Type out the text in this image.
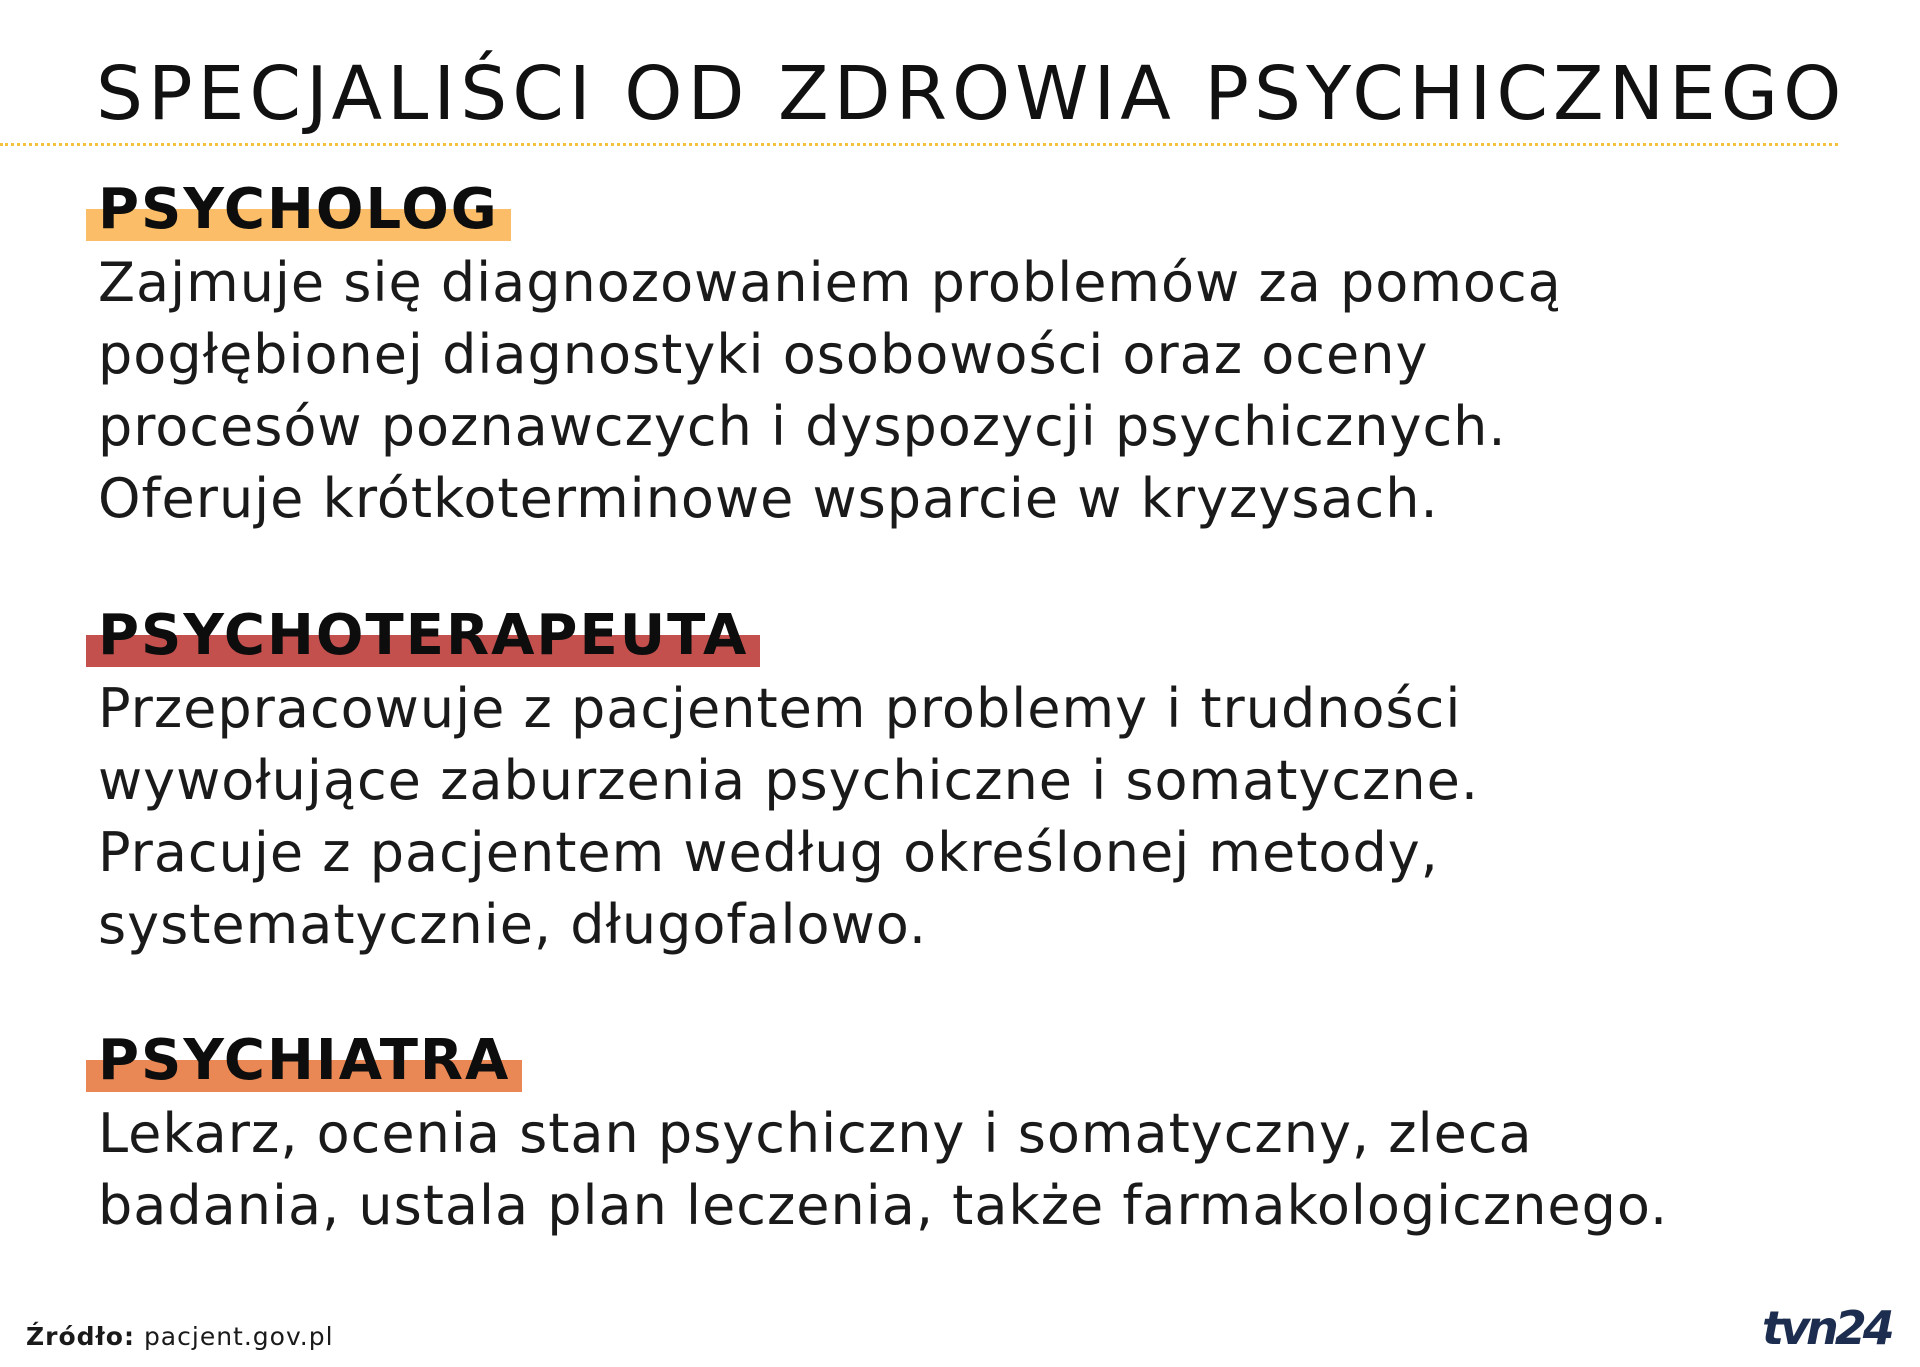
SPECJALIŚCI OD ZDROWIA PSYCHICZNEGO
PSYCHOLOG

Zajmuje się diagnozowaniem problemów za pomocą
pogłębionej diagnostyki osobowości oraz oceny
procesów poznawczych i dyspozycji psychicznych.
Oferuje krótkoterminowe wsparcie w kryzysach.

PSYCHOTERAPEUTA

Przepracowuje z pacjentem problemy i trudności
wywołujące zaburzenia psychiczne i somatyczne.
Pracuje z pacjentem według określonej metody,
systematycznie, długofalowo.

PSYCHIATRA

Lekarz, ocenia stan psychiczny i somatyczny, zleca
badania, ustala plan leczenia, także farmakologicznego.

Źródło: pacjent.gov.pl	tvn24
